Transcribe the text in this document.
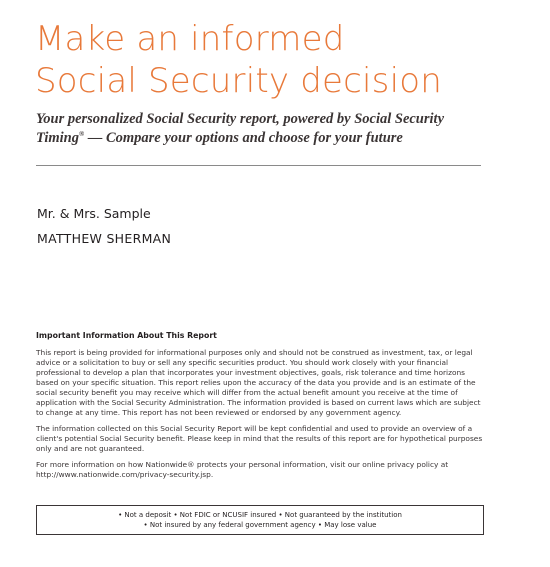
Make an informed
Social Security decision
Your personalized Social Security report, powered by Social Security Timing® — Compare your options and choose for your future
Mr. & Mrs. Sample
MATTHEW SHERMAN
Important Information About This Report
This report is being provided for informational purposes only and should not be construed as investment, tax, or legal advice or a solicitation to buy or sell any specific securities product. You should work closely with your financial professional to develop a plan that incorporates your investment objectives, goals, risk tolerance and time horizons based on your specific situation. This report relies upon the accuracy of the data you provide and is an estimate of the social security benefit you may receive which will differ from the actual benefit amount you receive at the time of application with the Social Security Administration. The information provided is based on current laws which are subject to change at any time. This report has not been reviewed or endorsed by any government agency.
The information collected on this Social Security Report will be kept confidential and used to provide an overview of a client's potential Social Security benefit. Please keep in mind that the results of this report are for hypothetical purposes only and are not guaranteed.
For more information on how Nationwide® protects your personal information, visit our online privacy policy at http://www.nationwide.com/privacy-security.jsp.
• Not a deposit • Not FDIC or NCUSIF insured • Not guaranteed by the institution
• Not insured by any federal government agency • May lose value
